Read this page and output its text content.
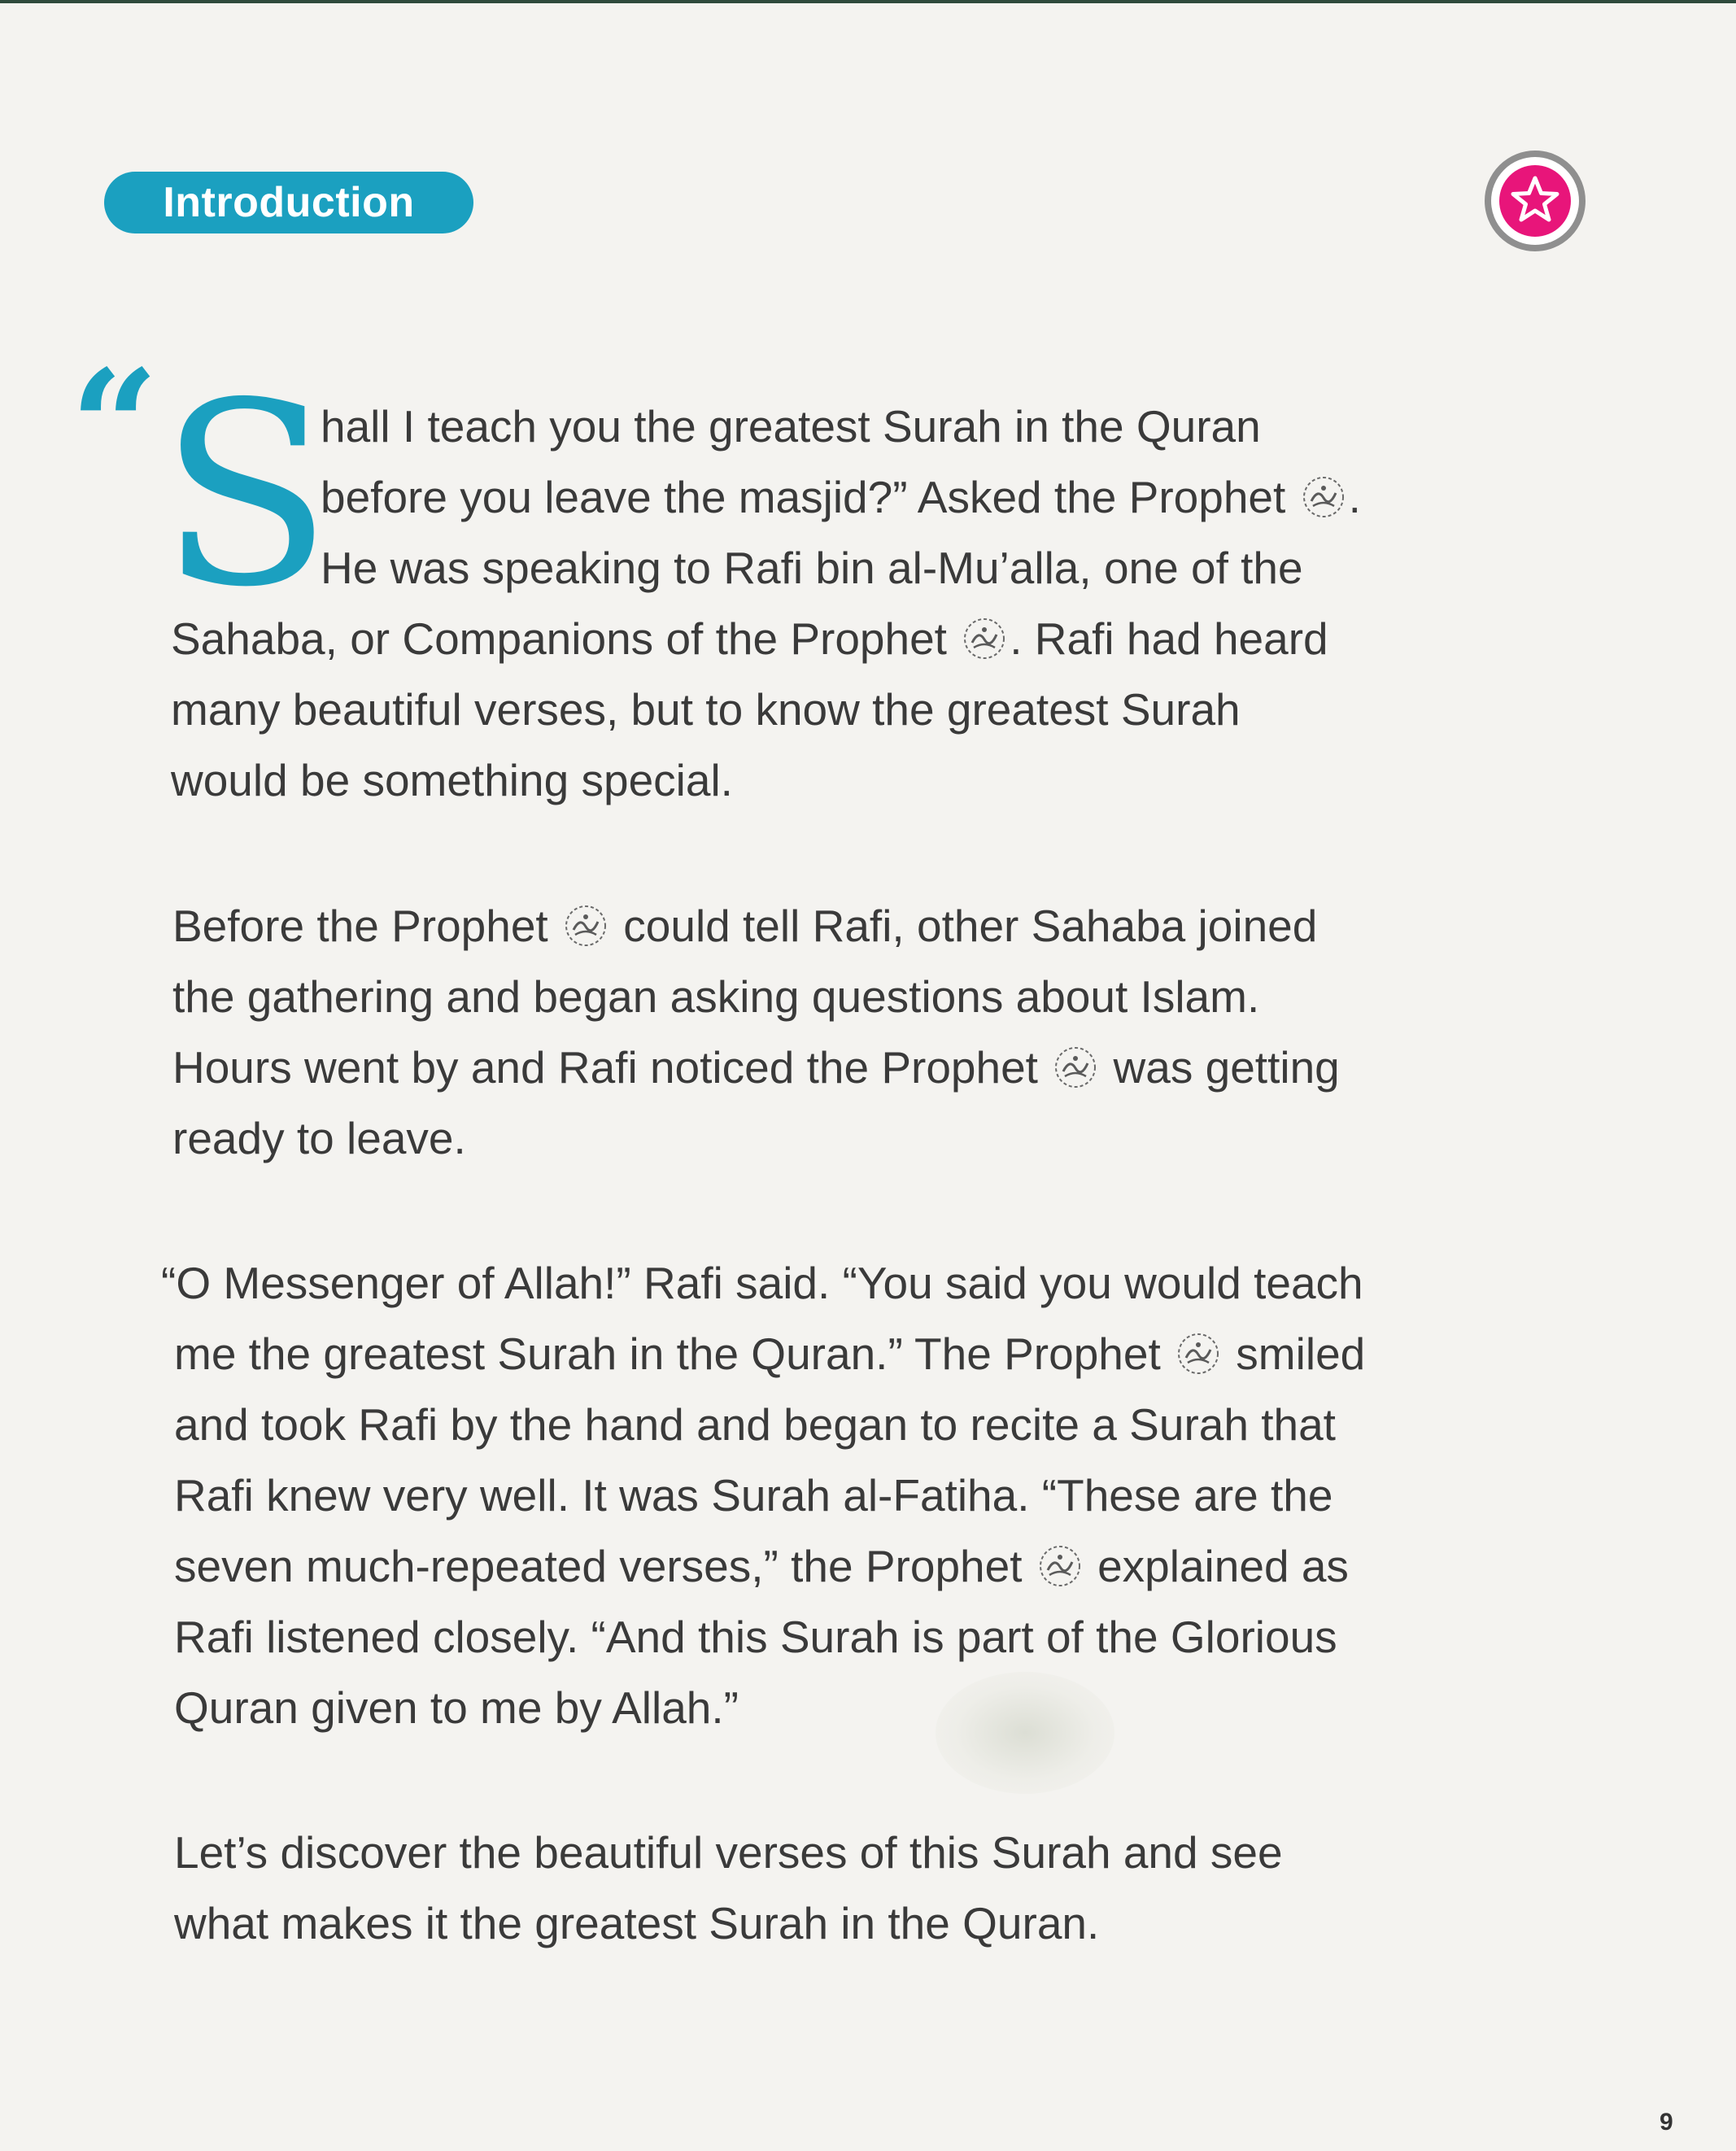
Introduction
“ S
hall I teach you the greatest Surah in the Quran
before you leave the masjid?” Asked the Prophet .
He was speaking to Rafi bin al-Mu’alla, one of the
Sahaba, or Companions of the Prophet . Rafi had heard
many beautiful verses, but to know the greatest Surah
would be something special.
Before the Prophet  could tell Rafi, other Sahaba joined
the gathering and began asking questions about Islam.
Hours went by and Rafi noticed the Prophet  was getting
ready to leave.
“O Messenger of Allah!” Rafi said. “You said you would teach
me the greatest Surah in the Quran.” The Prophet  smiled
and took Rafi by the hand and began to recite a Surah that
Rafi knew very well. It was Surah al-Fatiha. “These are the
seven much-repeated verses,” the Prophet  explained as
Rafi listened closely. “And this Surah is part of the Glorious
Quran given to me by Allah.”
Let’s discover the beautiful verses of this Surah and see
what makes it the greatest Surah in the Quran.
9
